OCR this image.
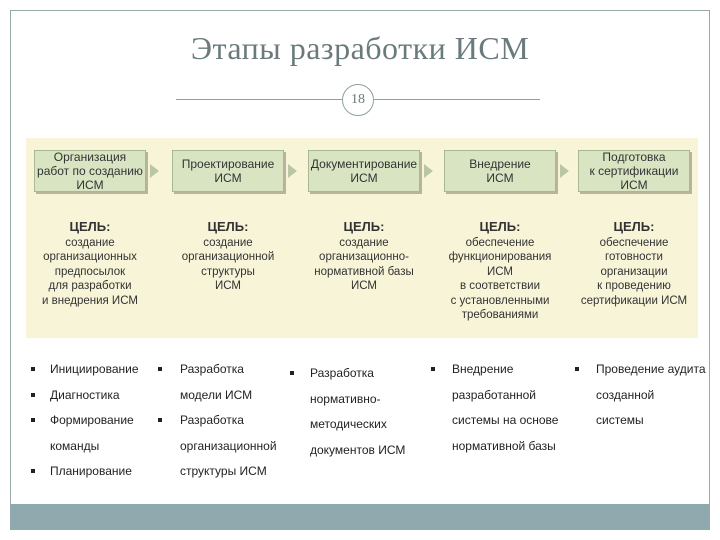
Этапы разработки ИСМ
18
Организация
работ по созданию
ИСМ
Проектирование
ИСМ
Документирование
ИСМ
Внедрение
ИСМ
Подготовка
к сертификации
ИСМ
ЦЕЛЬ:
создание
организационных
предпосылок
для разработки
и внедрения ИСМ
ЦЕЛЬ:
создание
организационной
структуры
ИСМ
ЦЕЛЬ:
создание
организационно-
нормативной базы
ИСМ
ЦЕЛЬ:
обеспечение
функционирования
ИСМ
в соответствии
с установленными
требованиями
ЦЕЛЬ:
обеспечение
готовности
организации
к проведению
сертификации ИСМ
Инициирование
Диагностика
Формирование
команды
Планирование
Разработка
модели ИСМ
Разработка
организационной
структуры ИСМ
Разработка
нормативно-
методических
документов ИСМ
Внедрение
разработанной
системы на основе
нормативной базы
Проведение аудита
созданной
системы
